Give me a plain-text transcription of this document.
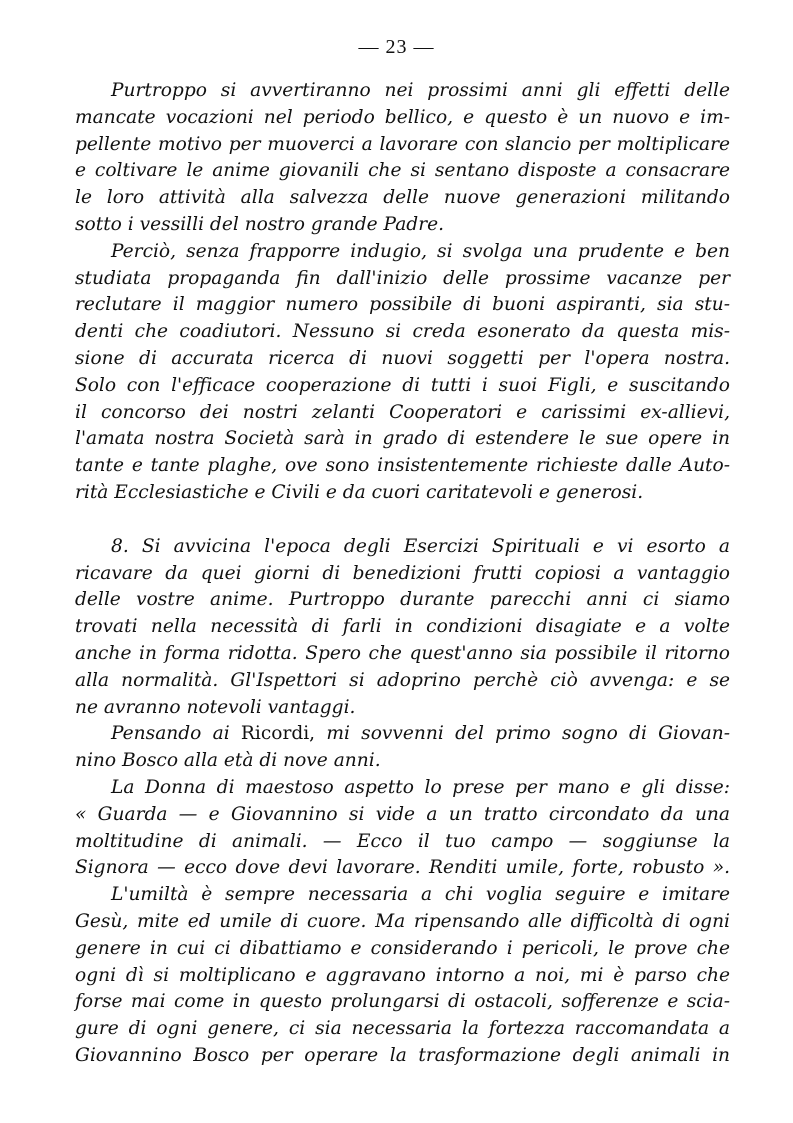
— 23 —
Purtroppo si avvertiranno nei prossimi anni gli effetti delle
mancate vocazioni nel periodo bellico, e questo è un nuovo e im-
pellente motivo per muoverci a lavorare con slancio per moltiplicare
e coltivare le anime giovanili che si sentano disposte a consacrare
le loro attività alla salvezza delle nuove generazioni militando
sotto i vessilli del nostro grande Padre.
Perciò, senza frapporre indugio, si svolga una prudente e ben
studiata propaganda fin dall'inizio delle prossime vacanze per
reclutare il maggior numero possibile di buoni aspiranti, sia stu-
denti che coadiutori. Nessuno si creda esonerato da questa mis-
sione di accurata ricerca di nuovi soggetti per l'opera nostra.
Solo con l'efficace cooperazione di tutti i suoi Figli, e suscitando
il concorso dei nostri zelanti Cooperatori e carissimi ex-allievi,
l'amata nostra Società sarà in grado di estendere le sue opere in
tante e tante plaghe, ove sono insistentemente richieste dalle Auto-
rità Ecclesiastiche e Civili e da cuori caritatevoli e generosi.
8. Si avvicina l'epoca degli Esercizi Spirituali e vi esorto a
ricavare da quei giorni di benedizioni frutti copiosi a vantaggio
delle vostre anime. Purtroppo durante parecchi anni ci siamo
trovati nella necessità di farli in condizioni disagiate e a volte
anche in forma ridotta. Spero che quest'anno sia possibile il ritorno
alla normalità. Gl'Ispettori si adoprino perchè ciò avvenga: e se
ne avranno notevoli vantaggi.
Pensando ai Ricordi, mi sovvenni del primo sogno di Giovan-
nino Bosco alla età di nove anni.
La Donna di maestoso aspetto lo prese per mano e gli disse:
« Guarda — e Giovannino si vide a un tratto circondato da una
moltitudine di animali. — Ecco il tuo campo — soggiunse la
Signora — ecco dove devi lavorare. Renditi umile, forte, robusto ».
L'umiltà è sempre necessaria a chi voglia seguire e imitare
Gesù, mite ed umile di cuore. Ma ripensando alle difficoltà di ogni
genere in cui ci dibattiamo e considerando i pericoli, le prove che
ogni dì si moltiplicano e aggravano intorno a noi, mi è parso che
forse mai come in questo prolungarsi di ostacoli, sofferenze e scia-
gure di ogni genere, ci sia necessaria la fortezza raccomandata a
Giovannino Bosco per operare la trasformazione degli animali in
